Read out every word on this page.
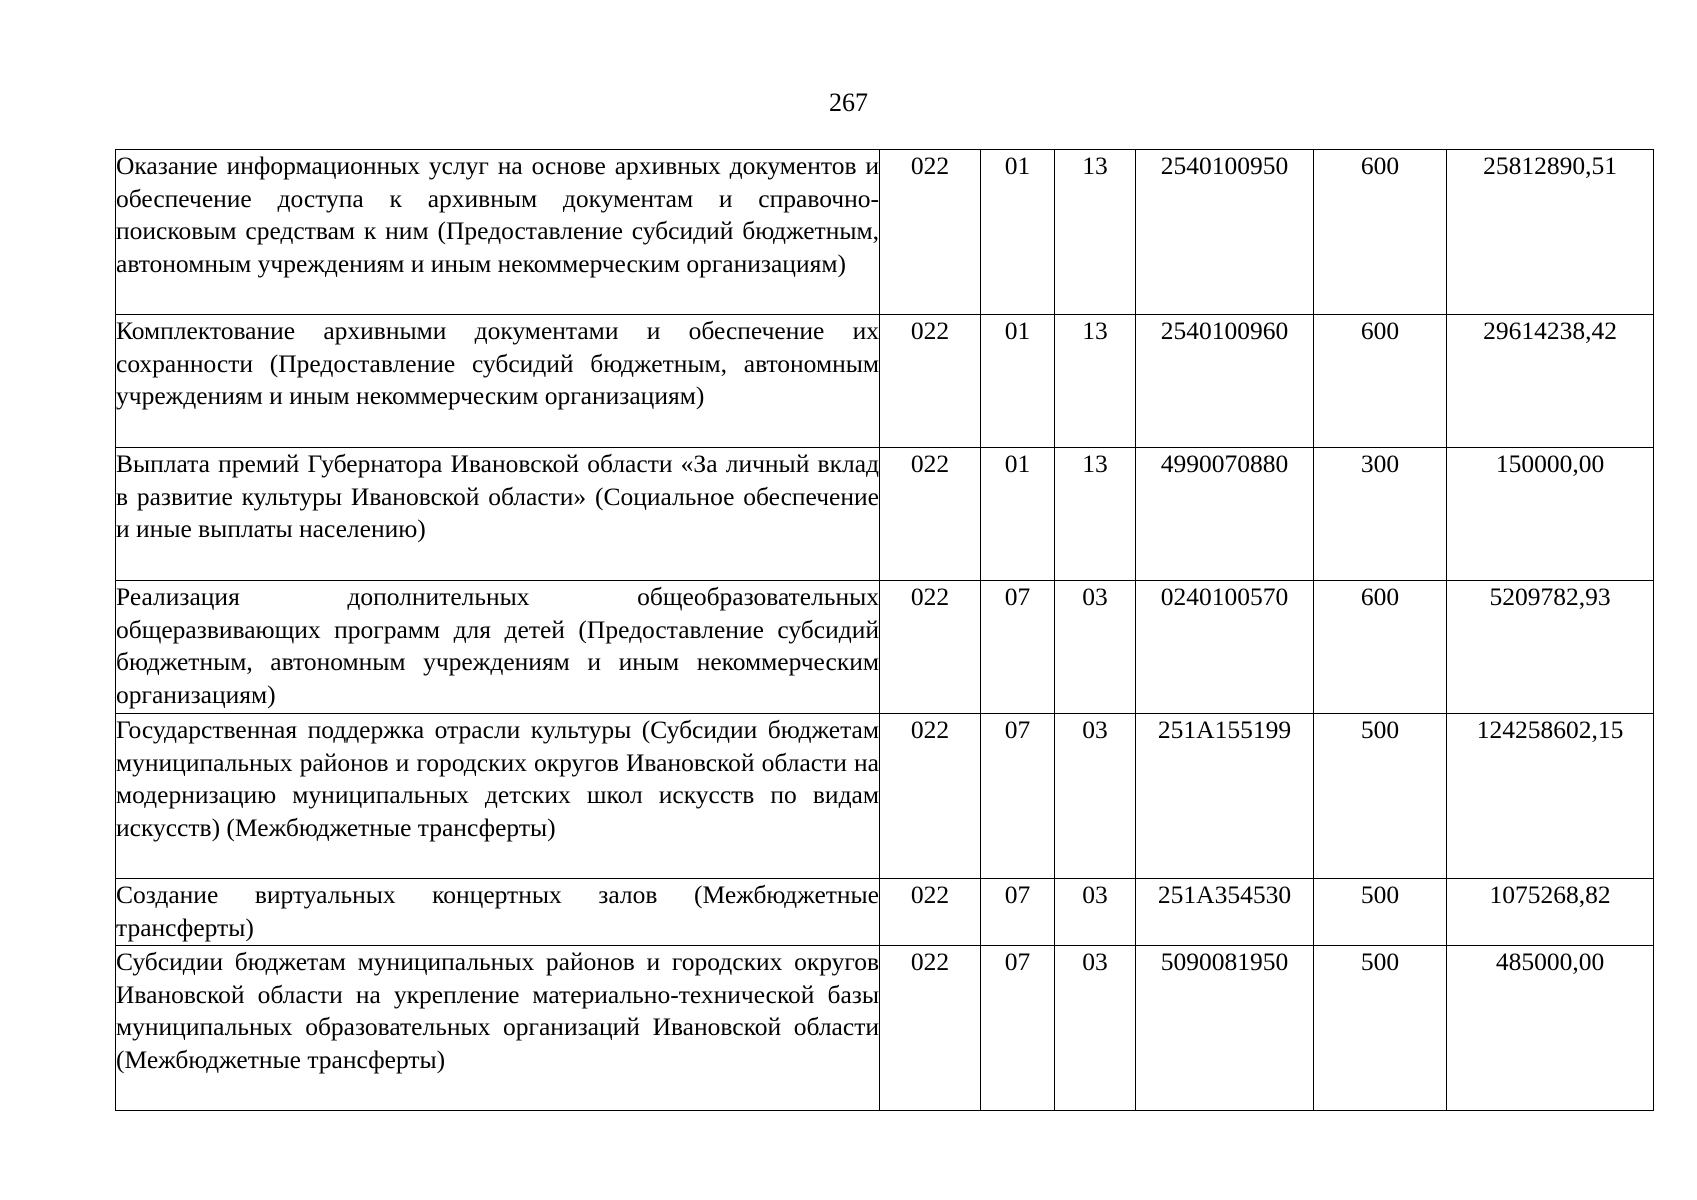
267
Оказание информационных услуг на основе архивных документов и обеспечение доступа к архивным документам и справочно-поисковым средствам к ним (Предоставление субсидий бюджетным, автономным учреждениям и иным некоммерческим организациям)	022	01	13	2540100950	600	25812890,51
Комплектование архивными документами и обеспечение их сохранности (Предоставление субсидий бюджетным, автономным учреждениям и иным некоммерческим организациям)	022	01	13	2540100960	600	29614238,42
Выплата премий Губернатора Ивановской области «За личный вклад в развитие культуры Ивановской области» (Социальное обеспечение и иные выплаты населению)	022	01	13	4990070880	300	150000,00
Реализация дополнительных общеобразовательных общеразвивающих программ для детей (Предоставление субсидий бюджетным, автономным учреждениям и иным некоммерческим организациям)	022	07	03	0240100570	600	5209782,93
Государственная поддержка отрасли культуры (Субсидии бюджетам муниципальных районов и городских округов Ивановской области на модернизацию муниципальных детских школ искусств по видам искусств) (Межбюджетные трансферты)	022	07	03	251A155199	500	124258602,15
Создание виртуальных концертных залов (Межбюджетные трансферты)	022	07	03	251A354530	500	1075268,82
Субсидии бюджетам муниципальных районов и городских округов Ивановской области на укрепление материально-технической базы муниципальных образовательных организаций Ивановской области (Межбюджетные трансферты)	022	07	03	5090081950	500	485000,00
